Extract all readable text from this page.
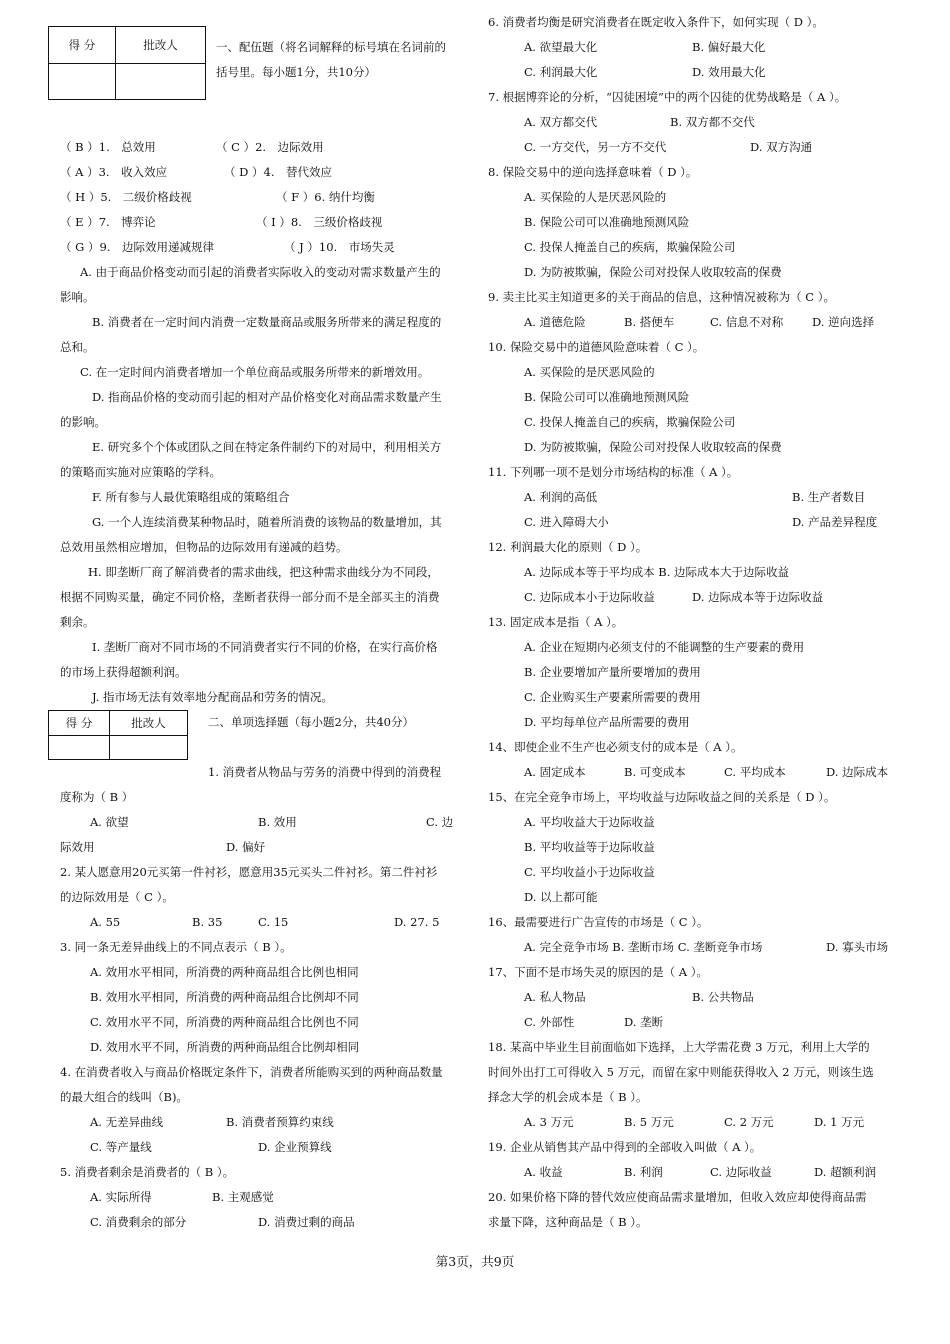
得 分	批改人

得 分	批改人

一、配伍题（将名词解释的标号填在名词前的
括号里。每小题1分，共10分）
（ B ）1.　总效用	（ C ）2.　边际效用
（ A ）3.　收入效应	（ D ）4.　替代效应
（ H ）5.　二级价格歧视	（ F ）6. 纳什均衡
（ E ）7.　博弈论	（ I ）8.　三级价格歧视
（ G ）9.　边际效用递减规律	（ J ）10.　市场失灵
A. 由于商品价格变动而引起的消费者实际收入的变动对需求数量产生的
影响。
B. 消费者在一定时间内消费一定数量商品或服务所带来的满足程度的
总和。
C. 在一定时间内消费者增加一个单位商品或服务所带来的新增效用。
D. 指商品价格的变动而引起的相对产品价格变化对商品需求数量产生
的影响。
E. 研究多个个体或团队之间在特定条件制约下的对局中，利用相关方
的策略而实施对应策略的学科。
F. 所有参与人最优策略组成的策略组合
G. 一个人连续消费某种物品时，随着所消费的该物品的数量增加，其
总效用虽然相应增加，但物品的边际效用有递减的趋势。
H. 即垄断厂商了解消费者的需求曲线，把这种需求曲线分为不同段，
根据不同购买量，确定不同价格，垄断者获得一部分而不是全部买主的消费
剩余。
I. 垄断厂商对不同市场的不同消费者实行不同的价格，在实行高价格
的市场上获得超额利润。
J. 指市场无法有效率地分配商品和劳务的情况。
二、单项选择题（每小题2分，共40分）
1. 消费者从物品与劳务的消费中得到的消费程
度称为（ B ）
A. 欲望	B. 效用	C. 边
际效用	D. 偏好
2. 某人愿意用20元买第一件衬衫，愿意用35元买头二件衬衫。第二件衬衫
的边际效用是（ C ）。
A. 55	B. 35	C. 15	D. 27. 5
3. 同一条无差异曲线上的不同点表示（ B ）。
A. 效用水平相同，所消费的两种商品组合比例也相同
B. 效用水平相同，所消费的两种商品组合比例却不同
C. 效用水平不同，所消费的两种商品组合比例也不同
D. 效用水平不同，所消费的两种商品组合比例却相同
4. 在消费者收入与商品价格既定条件下，消费者所能购买到的两种商品数量
的最大组合的线叫（B)。
A. 无差异曲线	B. 消费者预算约束线
C. 等产量线	D. 企业预算线
5. 消费者剩余是消费者的（ B ）。
A. 实际所得	B. 主观感觉
C. 消费剩余的部分	D. 消费过剩的商品
6. 消费者均衡是研究消费者在既定收入条件下，如何实现（ D ）。
A. 欲望最大化	B. 偏好最大化
C. 利润最大化	D. 效用最大化
7. 根据博弈论的分析，“囚徒困境”中的两个囚徒的优势战略是（ A ）。
A. 双方都交代	B. 双方都不交代
C. 一方交代，另一方不交代	D. 双方沟通
8. 保险交易中的逆向选择意味着（ D ）。
A. 买保险的人是厌恶风险的
B. 保险公司可以准确地预测风险
C. 投保人掩盖自己的疾病，欺骗保险公司
D. 为防被欺骗，保险公司对投保人收取较高的保费
9. 卖主比买主知道更多的关于商品的信息，这种情况被称为（ C ）。
A. 道德危险	B. 搭便车	C. 信息不对称	D. 逆向选择
10. 保险交易中的道德风险意味着（ C ）。
A. 买保险的是厌恶风险的
B. 保险公司可以准确地预测风险
C. 投保人掩盖自己的疾病，欺骗保险公司
D. 为防被欺骗，保险公司对投保人收取较高的保费
11. 下列哪一项不是划分市场结构的标准（ A ）。
A. 利润的高低	B. 生产者数目
C. 进入障碍大小	D. 产品差异程度
12. 利润最大化的原则（ D ）。
A. 边际成本等于平均成本 B. 边际成本大于边际收益
C. 边际成本小于边际收益	D. 边际成本等于边际收益
13. 固定成本是指（ A ）。
A. 企业在短期内必须支付的不能调整的生产要素的费用
B. 企业要增加产量所要增加的费用
C. 企业购买生产要素所需要的费用
D. 平均每单位产品所需要的费用
14、即使企业不生产也必须支付的成本是（ A ）。
A. 固定成本	B. 可变成本	C. 平均成本	D. 边际成本
15、在完全竞争市场上，平均收益与边际收益之间的关系是（ D ）。
A. 平均收益大于边际收益
B. 平均收益等于边际收益
C. 平均收益小于边际收益
D. 以上都可能
16、最需要进行广告宣传的市场是（ C ）。
A. 完全竞争市场 B. 垄断市场 C. 垄断竞争市场	D. 寡头市场
17、下面不是市场失灵的原因的是（ A ）。
A. 私人物品	B. 公共物品
C. 外部性	D. 垄断
18. 某高中毕业生目前面临如下选择，上大学需花费 3 万元，利用上大学的
时间外出打工可得收入 5 万元，而留在家中则能获得收入 2 万元，则该生选
择念大学的机会成本是（ B ）。
A. 3 万元	B. 5 万元	C. 2 万元	D. 1 万元
19. 企业从销售其产品中得到的全部收入叫做（ A ）。
A. 收益	B. 利润	C. 边际收益	D. 超额利润
20. 如果价格下降的替代效应使商品需求量增加，但收入效应却使得商品需
求量下降，这种商品是（ B ）。
第3页，共9页
